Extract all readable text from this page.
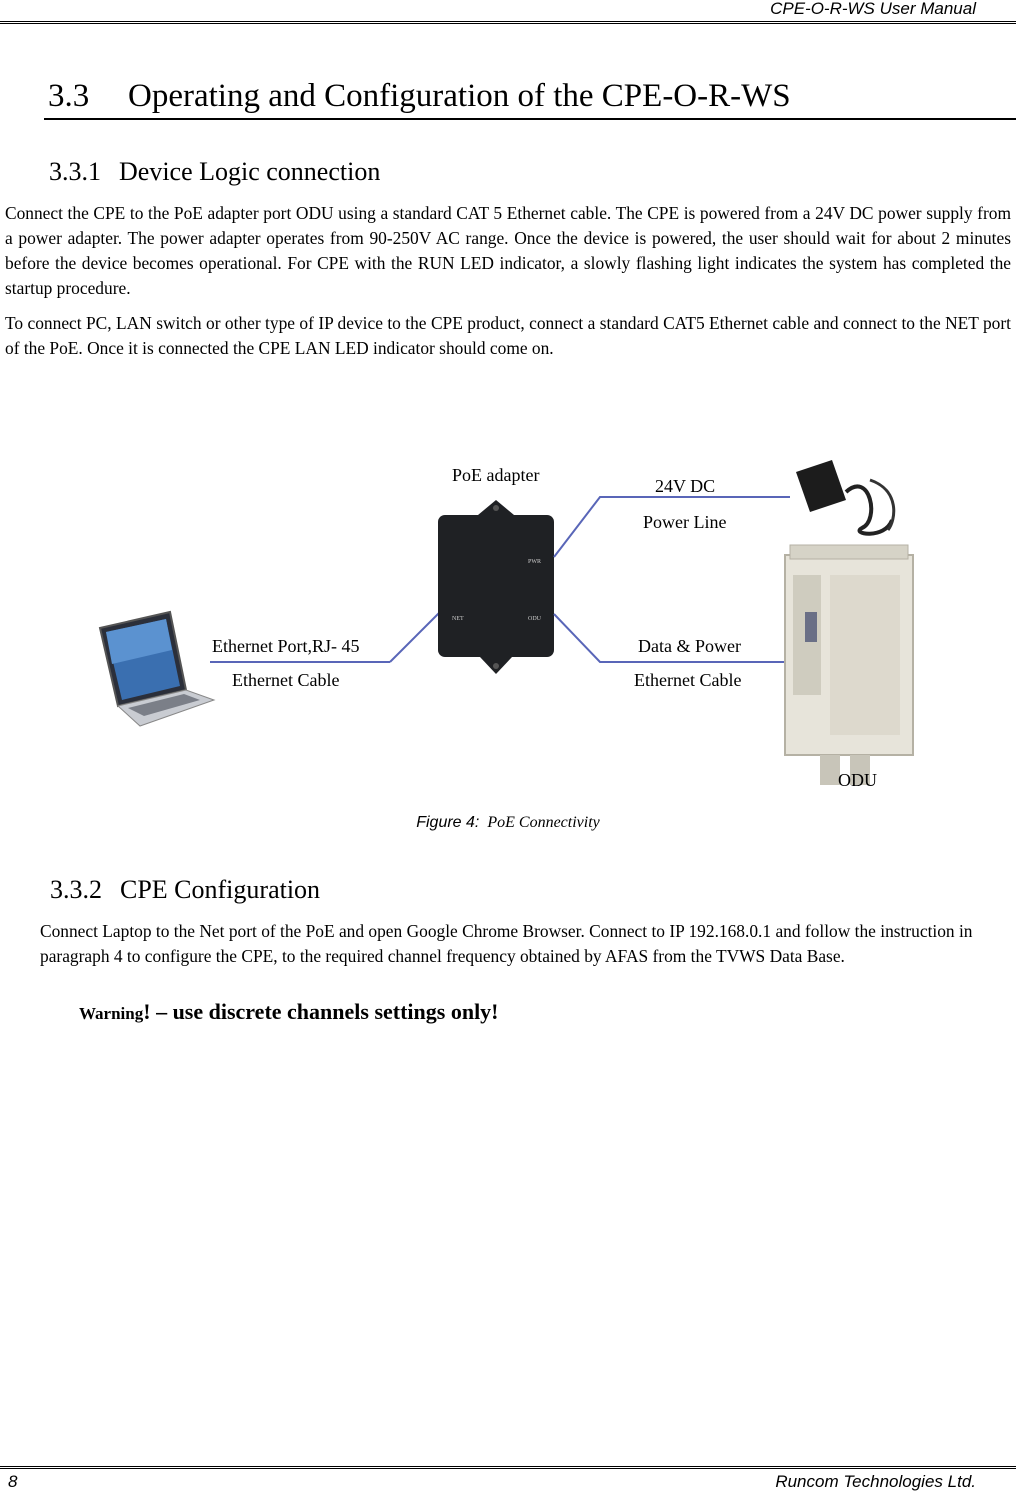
CPE-O-R-WS User Manual
3.3 Operating and Configuration of the CPE-O-R-WS
3.3.1 Device Logic connection
Connect the CPE to the PoE adapter port ODU using a standard CAT 5 Ethernet cable. The CPE is powered from a 24V DC power supply from a power adapter. The power adapter operates from 90-250V AC range. Once the device is powered, the user should wait for about 2 minutes before the device becomes operational. For CPE with the RUN LED indicator, a slowly flashing light indicates the system has completed the startup procedure.
To connect PC, LAN switch or other type of IP device to the CPE product, connect a standard CAT5 Ethernet cable and connect to the NET port of the PoE. Once it is connected the CPE LAN LED indicator should come on.
PWR
NET	ODU
PoE adapter
24V DC
Power Line
Ethernet Port,RJ- 45
Ethernet Cable
Data & Power
Ethernet Cable
ODU
Figure 4: PoE Connectivity
3.3.2 CPE Configuration
Connect Laptop to the Net port of the PoE and open Google Chrome Browser. Connect to IP 192.168.0.1 and follow the instruction in paragraph 4 to configure the CPE, to the required channel frequency obtained by AFAS from the TVWS Data Base.
Warning! – use discrete channels settings only!
8	Runcom Technologies Ltd.
